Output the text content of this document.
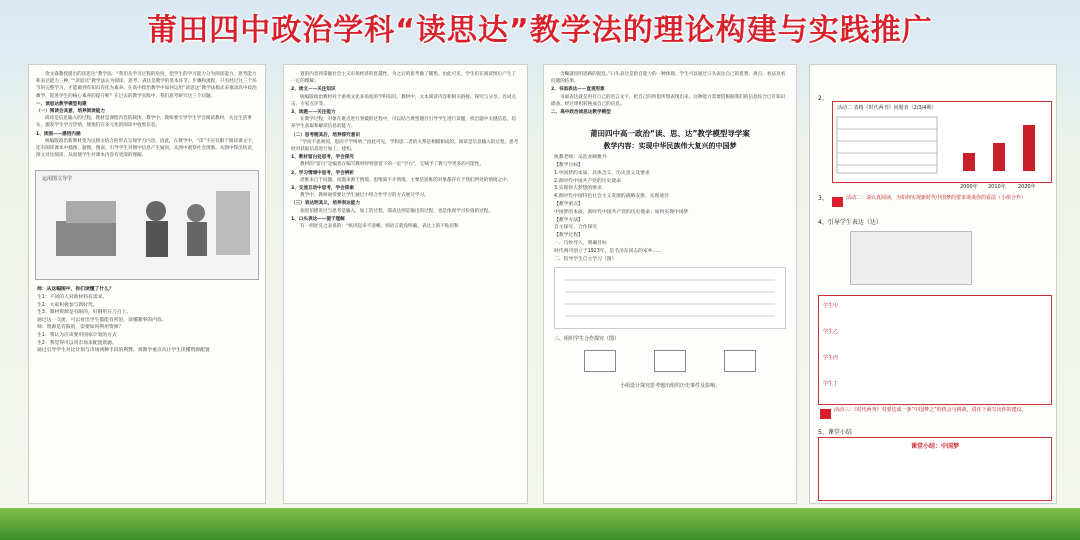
莆田四中政治学科“读思达”教学法的理论构建与实践推广

余文森教授提出的读思达“教学法：“我们从学习过程的角度，把学生的学习能力分为阅读能力、思考能力和表达能力三种。”“读思达”教学法认为阅读、思考、表达是教学的基本环节，步骤和流程，只有经过这三个环节的完整学习，才能做到有知识有化为素养。在高中政治教学中如何运用“读思达”教学法模式来推动高中政治教学，促进学生的核心素养的提升呢？在过去的教学实践中，我们思考研究这三个问题。

一、读思达教学模型构建
（一）阅读会其意，培养阅读能力

阅读是信息输入的过程，教材是课程内容的载体，教学中，教师要引导学生学会阅读教材，关注生活事实，激发学生学习热情，使他们在多元化的阅读中收集信息。

1、读图——感悟内涵

统编版政治新教材变为以图文结合的形式呈现学习内容，因此，在教学中，“读”不应仅限于阅读课文字，还有阅读课本中插图、题图、图表，引导学生对图中信息产生疑问，从图中观察社会现象。从图中得出结论，图文对比阅读，从而使学生对课本内容有更深的理解。

运用图文导学
师：从这幅图中，你们读懂了什么？
生1：不同的人对新材料有需求。
生2：大家积极参与新时代。
生3：制材资源是有限的，好钢用在刀刃上。
通过这一交流，可以看出学生都能有所思，读懂教事的内容。
师：资源是有限的，需要如何利用资源？
生1：我认为应该要用国家计划的方式
生2：我觉得可以用市场来配置资源。
通过引导学生对比计划与市场两种手段的利弊，将教学重点从让学生读懂资源配置

置的内容到掌握社会主义市场经济的优越性。为之后的思考做了铺垫。由此可见，学生们在阅读图后产生了一定的理解。

2、读文——关注知识

统编版政治教材对于重视文化多角度的学科知识。教材中，文本阅读内容和相关链接、探究与分享、名词点击、专家点评等。

3、读题——关注能力

在教学过程，对象在难点进行突破的过程中，可以结合典型题目引导学生进行读题，找出题中关键信息，培养学生获取和解读信息的能力。

（二）思考随其后，培养探究意识

“学而不思则罔，思而不学则殆。”由此可见，学和思二者的关系是相辅相成的。阅读是信息输入的过程，思考时对获取信息进行加工、建构。

1、教材留白处思考，学会探究

教材的“留白”是编者在编写教材时特意留下的一定“空白”，它赋予了教与学更多的可能性。

2、学习情境中思考，学会辨析

思维来自于问题，问题来源于情境。思维离不开情境，主要是思维的对象都存在于我们所处的情境之中。

3、交流互动中思考，学会探索

教学中，教师通常要让学生通过小组合作学习的方式展开学习。

（三）表达明其义，培养表达能力

加里伯德说过与思考是输入、加工的过程，那表达则是输出的过程，也是体现学习价值的过程。

1、口头表达——提于理解

有一则逆反之表说的：“纸讲起来不清晰，则语言就没明确。表达上的不贴切和

含糊就说明思路的混乱。”口头表达是指自能力的一种体现，学生可以通过口头表达自己的思想、观点、看法及看问题的结果。

2、书面表达——直观形象

书面表达就是用有自己的语言文字，把自己的所思所想表现出来。这种能力需要借根据我们的信息综合已有知识储备，经过组织转换成自己的信息。

二、高中政治读思达教学模型
莆田四中高一政治“读、思、达”教学模型导学案
教学内容：实现中华民族伟大复兴的中国梦
执教老师：吴浩业顾雅丹
【教学目标】
1.中国梦的本质、具体含义、历史意义及要求
2.新时代中国共产党的历史使命
3.实现伟大梦想的要求
4.新时代中国特色社会主义发展的战略安排、实现途径
【教学重点】
中国梦的本质；新时代中国共产党的历史使命；如何实现中国梦
【教学方法】
自主探究、合作探究
【教学过程】
一、巧妙导入，明确目标
时代两刊创立于1923年，是毛泽东同志的家乡……
二、指导学生自主学习（图）
三、组织学生合作探究（图）
小组设计探究思考题出组织历史事件及影响。
2、
活动二 表格《时代两刊》问题表（2/3/4期）
2000年 2010年 2020年
3、	活动二：请认真阅读，为如何实现新时代中国梦的要求谈谈你的看法（小组合作）
4、引导学生表达（达）
学生甲
学生乙
学生丙
学生丁
活动三：《时代两刊》对要达成一条“中国梦之”的机会与挑战，请在下面写出你的建议。
5、课堂小结
课堂小结：中国梦
